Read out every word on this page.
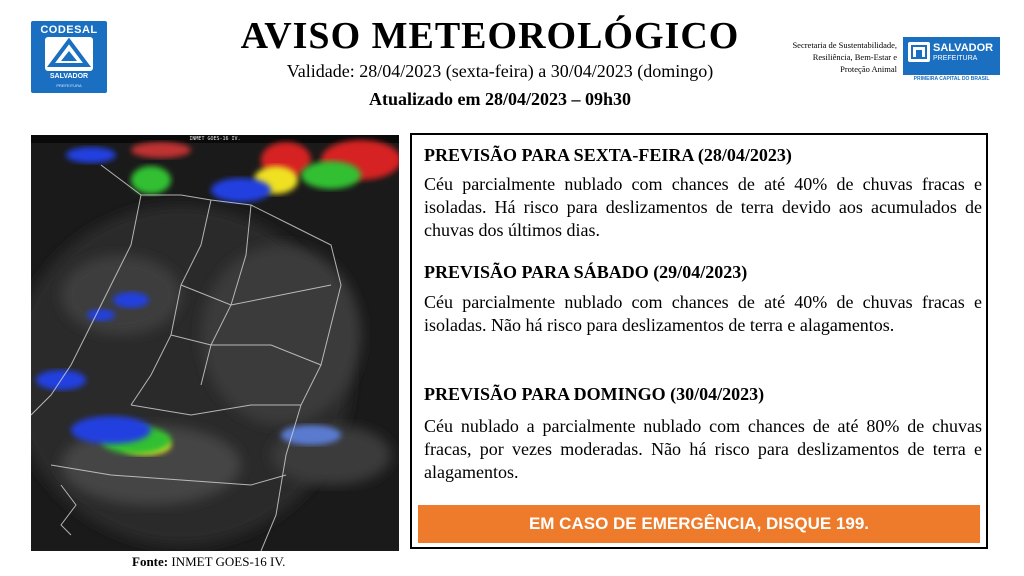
CODESAL
SALVADOR
PREFEITURA
AVISO METEOROLÓGICO
Validade: 28/04/2023 (sexta-feira) a 30/04/2023 (domingo)
Atualizado em 28/04/2023 – 09h30
Secretaria de Sustentabilidade,
Resiliência, Bem-Estar e
Proteção Animal
SALVADOR
PREFEITURA
PRIMEIRA CAPITAL DO BRASIL
INMET GOES-16 IV.
Fonte: INMET GOES-16 IV.
PREVISÃO PARA SEXTA-FEIRA (28/04/2023)
Céu parcialmente nublado com chances de até 40% de chuvas fracas e isoladas. Há risco para deslizamentos de terra devido aos acumulados de chuvas dos últimos dias.
PREVISÃO PARA SÁBADO (29/04/2023)
Céu parcialmente nublado com chances de até 40% de chuvas fracas e isoladas. Não há risco para deslizamentos de terra e alagamentos.
PREVISÃO PARA DOMINGO (30/04/2023)
Céu nublado a parcialmente nublado com chances de até 80% de chuvas fracas, por vezes moderadas. Não há risco para deslizamentos de terra e alagamentos.
EM CASO DE EMERGÊNCIA, DISQUE 199.
